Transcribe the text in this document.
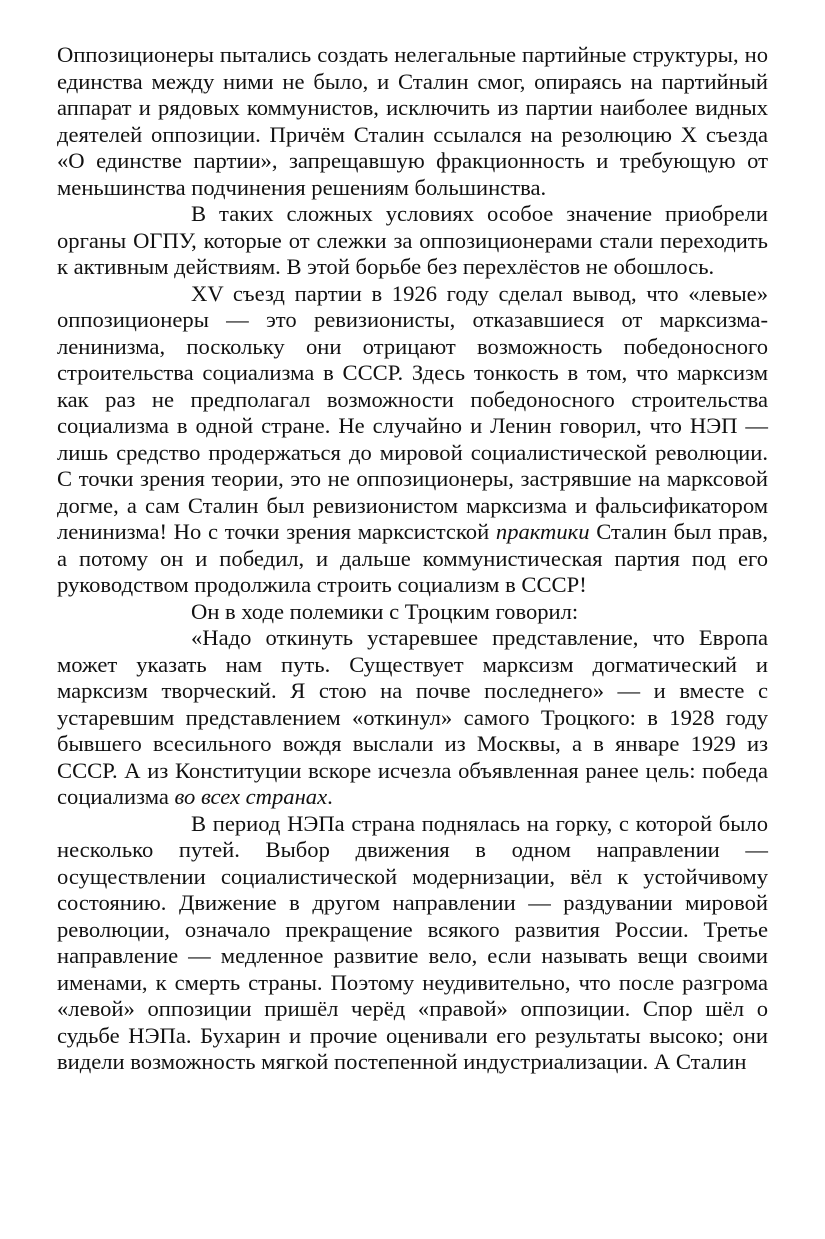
Оппозиционеры пытались создать нелегальные партийные структуры, но единства между ними не было, и Сталин смог, опираясь на партийный аппарат и рядовых коммунистов, исключить из партии наиболее видных деятелей оппозиции. Причём Сталин ссылался на резолюцию X съезда «О единстве партии», запрещавшую фракционность и требующую от меньшинства подчинения решениям большинства.

В таких сложных условиях особое значение приобрели органы ОГПУ, которые от слежки за оппозиционерами стали переходить к активным действиям. В этой борьбе без перехлёстов не обошлось.

XV съезд партии в 1926 году сделал вывод, что «левые» оппозиционеры — это ревизионисты, отказавшиеся от марксизма-ленинизма, поскольку они отрицают возможность победоносного строительства социализма в СССР. Здесь тонкость в том, что марксизм как раз не предполагал возможности победоносного строительства социализма в одной стране. Не случайно и Ленин говорил, что НЭП — лишь средство продержаться до мировой социалистической революции. С точки зрения теории, это не оппозиционеры, застрявшие на марксовой догме, а сам Сталин был ревизионистом марксизма и фальсификатором ленинизма! Но с точки зрения марксистской практики Сталин был прав, а потому он и победил, и дальше коммунистическая партия под его руководством продолжила строить социализм в СССР!

Он в ходе полемики с Троцким говорил:

«Надо откинуть устаревшее представление, что Европа может указать нам путь. Существует марксизм догматический и марксизм творческий. Я стою на почве последнего» — и вместе с устаревшим представлением «откинул» самого Троцкого: в 1928 году бывшего всесильного вождя выслали из Москвы, а в январе 1929 из СССР. А из Конституции вскоре исчезла объявленная ранее цель: победа социализма во всех странах.

В период НЭПа страна поднялась на горку, с которой было несколько путей. Выбор движения в одном направлении — осуществлении социалистической модернизации, вёл к устойчивому состоянию. Движение в другом направлении — раздувании мировой революции, означало прекращение всякого развития России. Третье направление — медленное развитие вело, если называть вещи своими именами, к смерть страны. Поэтому неудивительно, что после разгрома «левой» оппозиции пришёл черёд «правой» оппозиции. Спор шёл о судьбе НЭПа. Бухарин и прочие оценивали его результаты высоко; они видели возможность мягкой постепенной индустриализации. А Сталин
